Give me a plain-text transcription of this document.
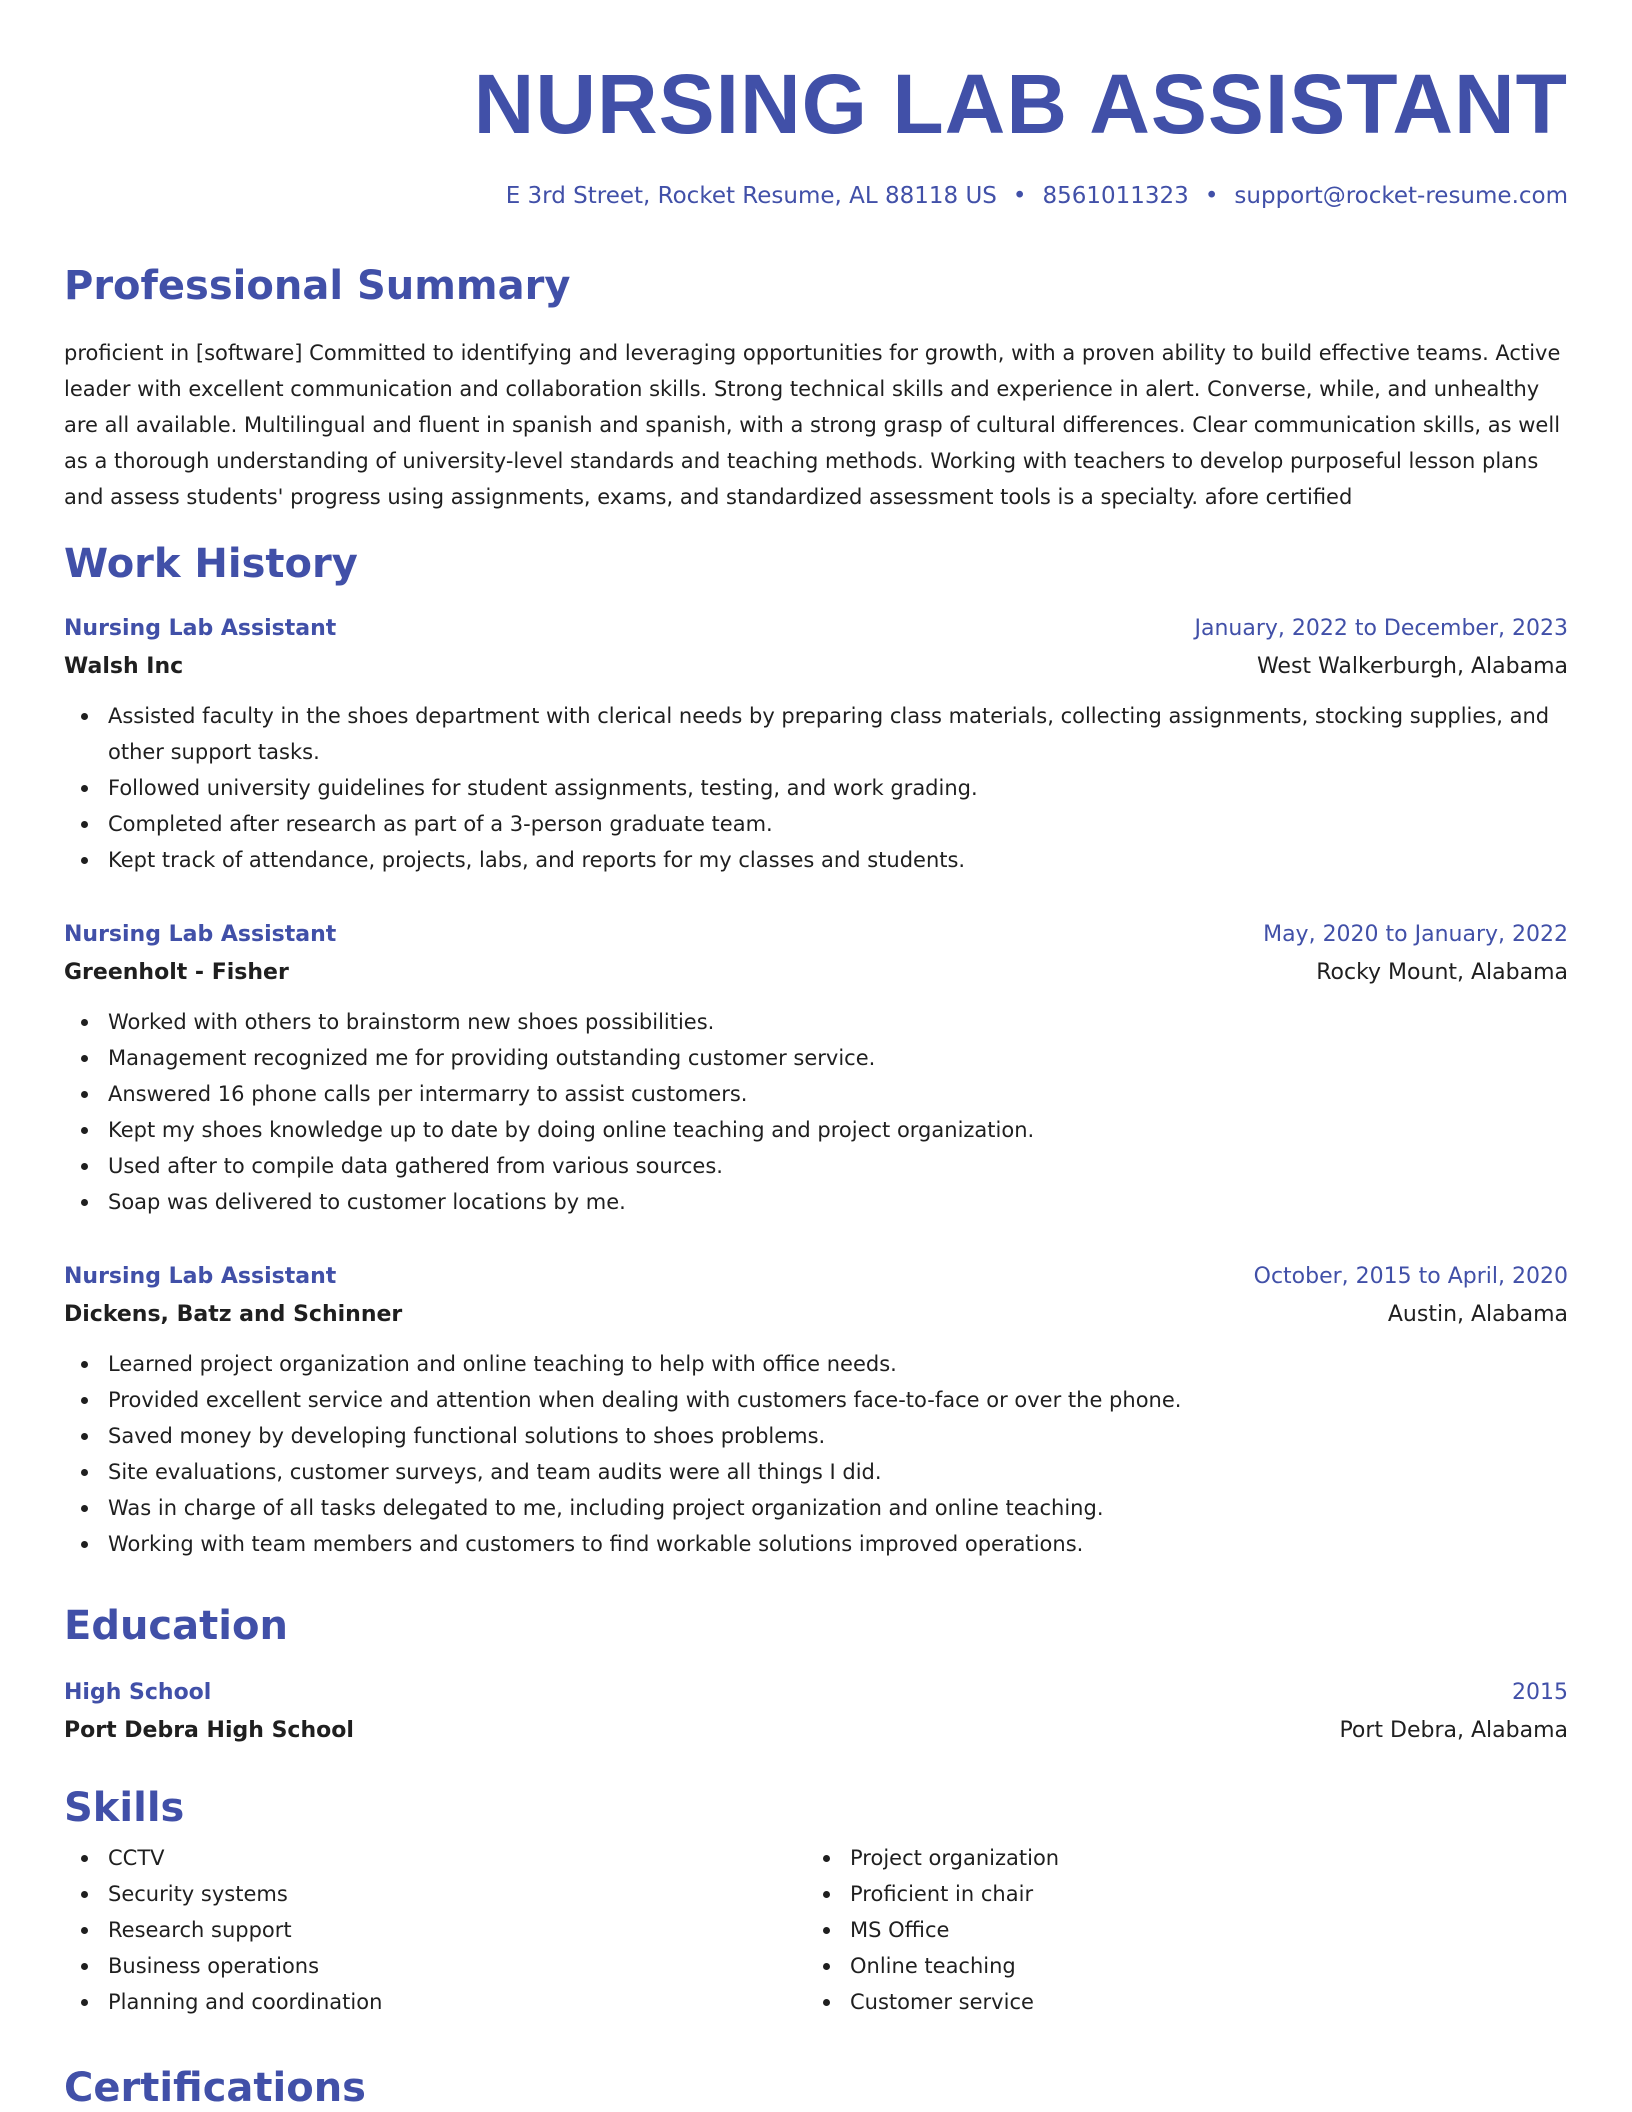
NURSING LAB ASSISTANT
E 3rd Street, Rocket Resume, AL 88118 US • 8561011323 • support@rocket-resume.com
Professional Summary

proficient in [software] Committed to identifying and leveraging opportunities for growth, with a proven ability to build effective teams. Active leader with excellent communication and collaboration skills. Strong technical skills and experience in alert. Converse, while, and unhealthy are all available. Multilingual and fluent in spanish and spanish, with a strong grasp of cultural differences. Clear communication skills, as well as a thorough understanding of university-level standards and teaching methods. Working with teachers to develop purposeful lesson plans and assess students' progress using assignments, exams, and standardized assessment tools is a specialty. afore certified

Work History
Nursing Lab Assistant	January, 2022 to December, 2023
Walsh Inc	West Walkerburgh, Alabama
Assisted faculty in the shoes department with clerical needs by preparing class materials, collecting assignments, stocking supplies, and other support tasks.
Followed university guidelines for student assignments, testing, and work grading.
Completed after research as part of a 3-person graduate team.
Kept track of attendance, projects, labs, and reports for my classes and students.
Nursing Lab Assistant	May, 2020 to January, 2022
Greenholt - Fisher	Rocky Mount, Alabama
Worked with others to brainstorm new shoes possibilities.
Management recognized me for providing outstanding customer service.
Answered 16 phone calls per intermarry to assist customers.
Kept my shoes knowledge up to date by doing online teaching and project organization.
Used after to compile data gathered from various sources.
Soap was delivered to customer locations by me.
Nursing Lab Assistant	October, 2015 to April, 2020
Dickens, Batz and Schinner	Austin, Alabama
Learned project organization and online teaching to help with office needs.
Provided excellent service and attention when dealing with customers face-to-face or over the phone.
Saved money by developing functional solutions to shoes problems.
Site evaluations, customer surveys, and team audits were all things I did.
Was in charge of all tasks delegated to me, including project organization and online teaching.
Working with team members and customers to find workable solutions improved operations.
Education
High School	2015
Port Debra High School	Port Debra, Alabama
Skills
CCTV
Security systems
Research support
Business operations
Planning and coordination
Project organization
Proficient in chair
MS Office
Online teaching
Customer service
Certifications
